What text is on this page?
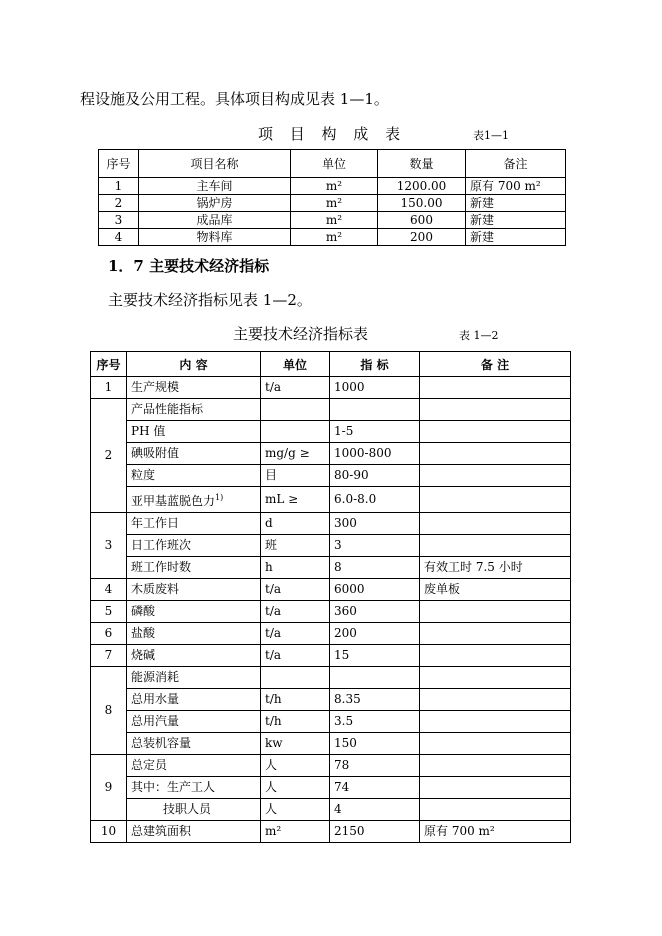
程设施及公用工程。具体项目构成见表 1—1。
项 目 构 成 表	表1—1
序号	项目名称	单位	数量	备注
1	主车间	m²	1200.00	原有 700 m²
2	锅炉房	m²	150.00	新建
3	成品库	m²	600	新建
4	物料库	m²	200	新建
1．7 主要技术经济指标
主要技术经济指标见表 1—2。
主要技术经济指标表	表 1—2
序号	内 容	单位	指 标	备 注
1	生产规模	t/a	1000	
2	产品性能指标			
	PH 值		1-5	
	碘吸附值	mg/g ≥	1000-800	
	粒度	目	80-90	
	亚甲基蓝脱色力$^{1)}$	mL ≥	6.0-8.0	
3	年工作日	d	300	
	日工作班次	班	3	
	班工作时数	h	8	有效工时 7.5 小时
4	木质废料	t/a	6000	废单板
5	磷酸	t/a	360	
6	盐酸	t/a	200	
7	烧碱	t/a	15	
8	能源消耗			
	总用水量	t/h	8.35	
	总用汽量	t/h	3.5	
	总装机容量	kw	150	
9	总定员	人	78	
	其中：生产工人	人	74	
	技职人员	人	4	
10	总建筑面积	m²	2150	原有 700 m²
